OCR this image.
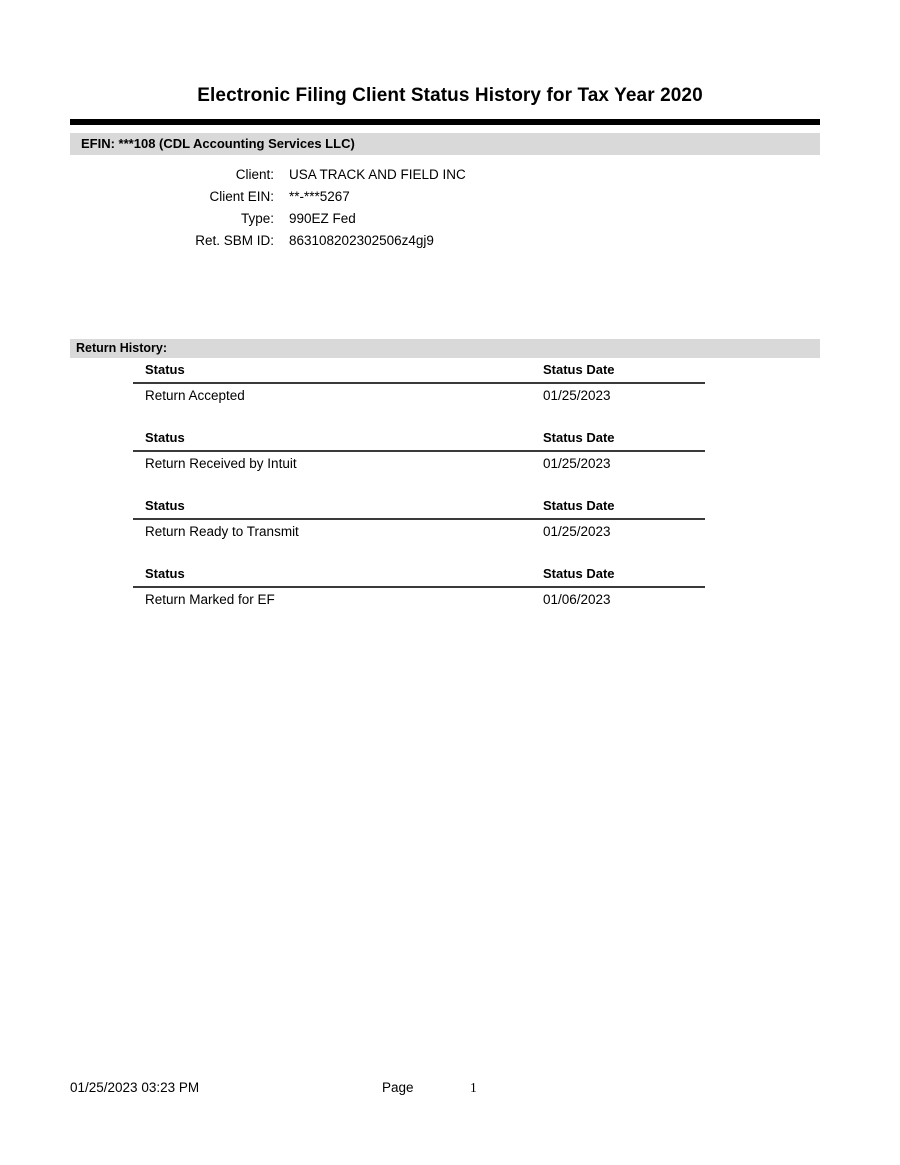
Electronic Filing Client Status History for Tax Year 2020
EFIN: ***108 (CDL Accounting Services LLC)
Client: USA TRACK AND FIELD INC
Client EIN: **-***5267
Type: 990EZ Fed
Ret. SBM ID: 863108202302506z4gj9
Return History:
Status	Status Date
Return Accepted	01/25/2023
Status	Status Date
Return Received by Intuit	01/25/2023
Status	Status Date
Return Ready to Transmit	01/25/2023
Status	Status Date
Return Marked for EF	01/06/2023
01/25/2023 03:23 PM	Page	1
